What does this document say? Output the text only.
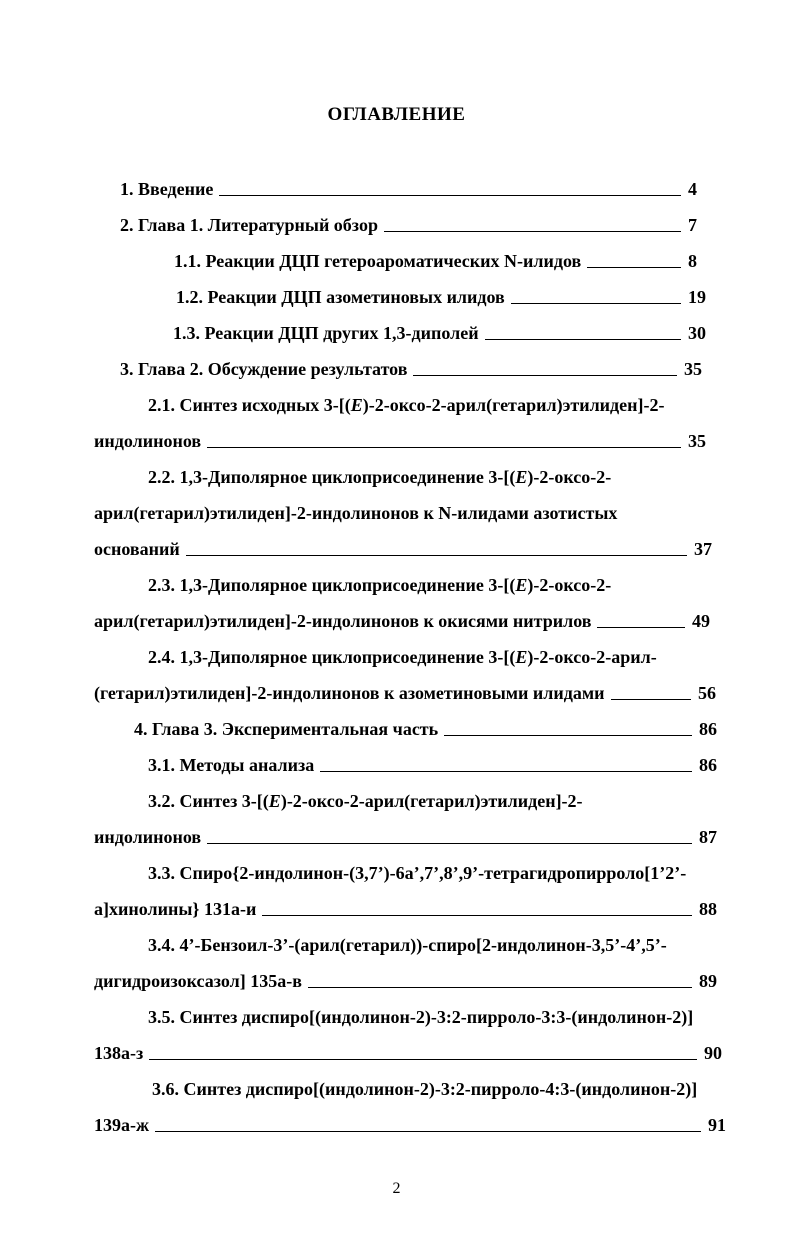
ОГЛАВЛЕНИЕ
1. Введение	4
2. Глава 1. Литературный обзор	7
1.1. Реакции ДЦП гетероароматических N-илидов	8
1.2. Реакции ДЦП азометиновых илидов	19
1.3. Реакции ДЦП других 1,3-диполей	30
3. Глава 2. Обсуждение результатов	35
2.1. Синтез исходных 3-[(E)-2-оксо-2-арил(гетарил)этилиден]-2-
индолинонов	35
2.2. 1,3-Диполярное циклоприсоединение 3-[(E)-2-оксо-2-
арил(гетарил)этилиден]-2-индолинонов к N-илидами азотистых
оснований	37
2.3. 1,3-Диполярное циклоприсоединение 3-[(E)-2-оксо-2-
арил(гетарил)этилиден]-2-индолинонов к окисями нитрилов	49
2.4. 1,3-Диполярное циклоприсоединение 3-[(E)-2-оксо-2-арил-
(гетарил)этилиден]-2-индолинонов к азометиновыми илидами	56
4. Глава 3. Экспериментальная часть	86
3.1. Методы анализа	86
3.2. Синтез 3-[(E)-2-оксо-2-арил(гетарил)этилиден]-2-
индолинонов	87
3.3. Спиро{2-индолинон-(3,7’)-6а’,7’,8’,9’-тетрагидропирроло[1’2’-
а]хинолины} 131а-и	88
3.4. 4’-Бензоил-3’-(арил(гетарил))-спиро[2-индолинон-3,5’-4’,5’-
дигидроизоксазол] 135а-в	89
3.5. Синтез диспиро[(индолинон-2)-3:2-пирроло-3:3-(индолинон-2)]
138а-з	90
3.6. Синтез диспиро[(индолинон-2)-3:2-пирроло-4:3-(индолинон-2)]
139а-ж	91
2
